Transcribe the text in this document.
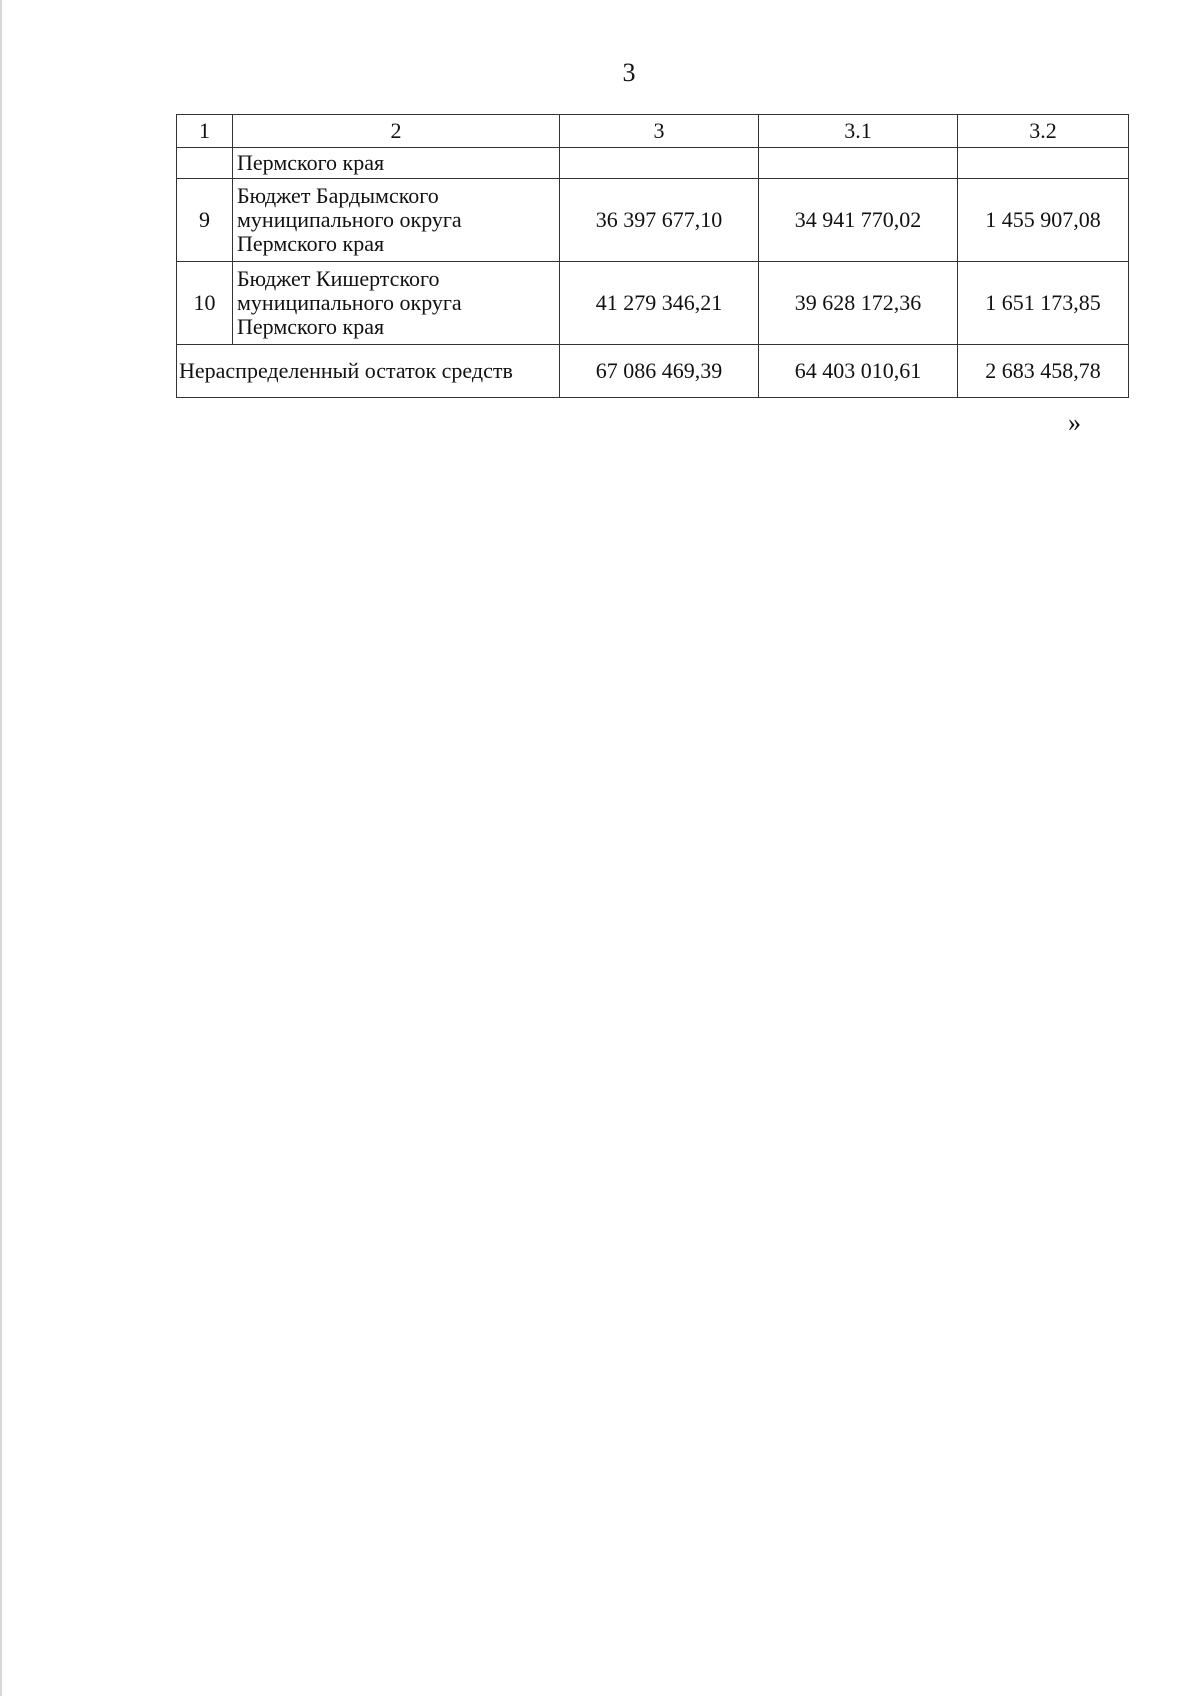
3
1	2	3	3.1	3.2
	Пермского края			
9	Бюджет Бардымского
муниципального округа
Пермского края	36 397 677,10	34 941 770,02	1 455 907,08
10	Бюджет Кишертского
муниципального округа
Пермского края	41 279 346,21	39 628 172,36	1 651 173,85
Нераспределенный остаток средств		67 086 469,39	64 403 010,61	2 683 458,78
»
